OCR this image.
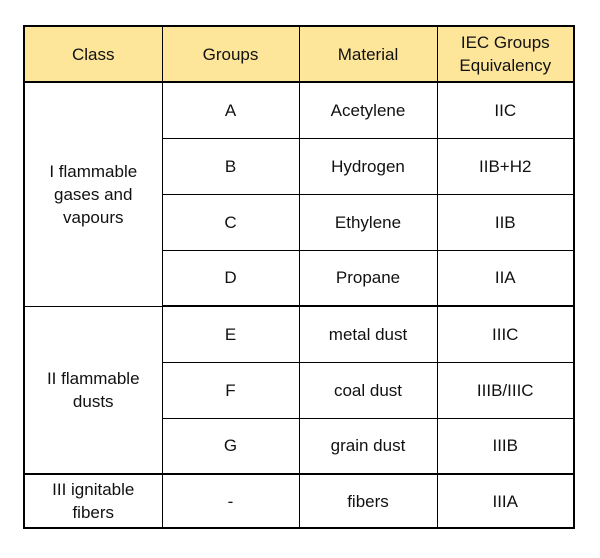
Class	Groups	Material	IEC Groups Equivalency
I flammable gases and vapours	A	Acetylene	IIC
	B	Hydrogen	IIB+H2
	C	Ethylene	IIB
	D	Propane	IIA
II flammable dusts	E	metal dust	IIIC
	F	coal dust	IIIB/IIIC
	G	grain dust	IIIB
III ignitable fibers	-	fibers	IIIA
